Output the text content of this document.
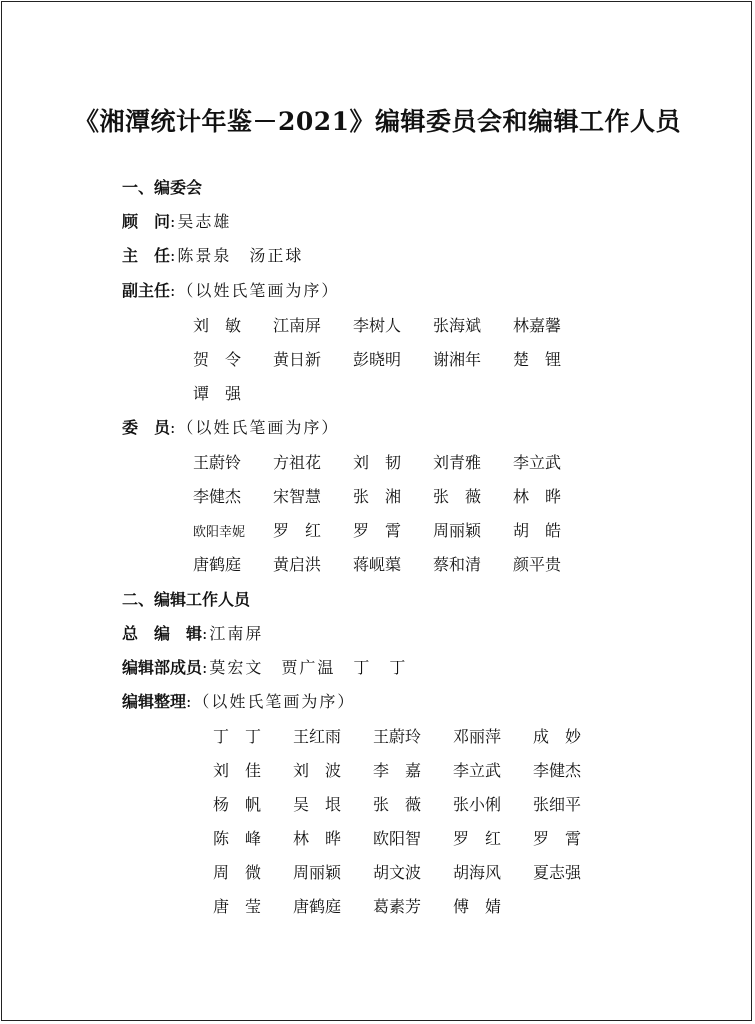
《湘潭统计年鉴－2021》编辑委员会和编辑工作人员
一、编委会
顾　问:吴志雄
主　任:陈景泉　汤正球
副主任:（以姓氏笔画为序）
刘　敏 江南屏 李树人 张海斌 林嘉馨
贺　令 黄日新 彭晓明 谢湘年 楚　锂
谭　强
委　员:（以姓氏笔画为序）
王蔚铃 方祖花 刘　韧 刘青雅 李立武
李健杰 宋智慧 张　湘 张　薇 林　晔
欧阳幸妮 罗　红 罗　霄 周丽颖 胡　皓
唐鹤庭 黄启洪 蒋岘蕖 蔡和清 颜平贵
二、编辑工作人员
总　编　辑:江南屏
编辑部成员:莫宏文　贾广温　丁　丁
编辑整理:（以姓氏笔画为序）
丁　丁 王红雨 王蔚玲 邓丽萍 成　妙
刘　佳 刘　波 李　嘉 李立武 李健杰
杨　帆 吴　垠 张　薇 张小俐 张细平
陈　峰 林　晔 欧阳智 罗　红 罗　霄
周　微 周丽颖 胡文波 胡海风 夏志强
唐　莹 唐鹤庭 葛素芳 傅　婧
